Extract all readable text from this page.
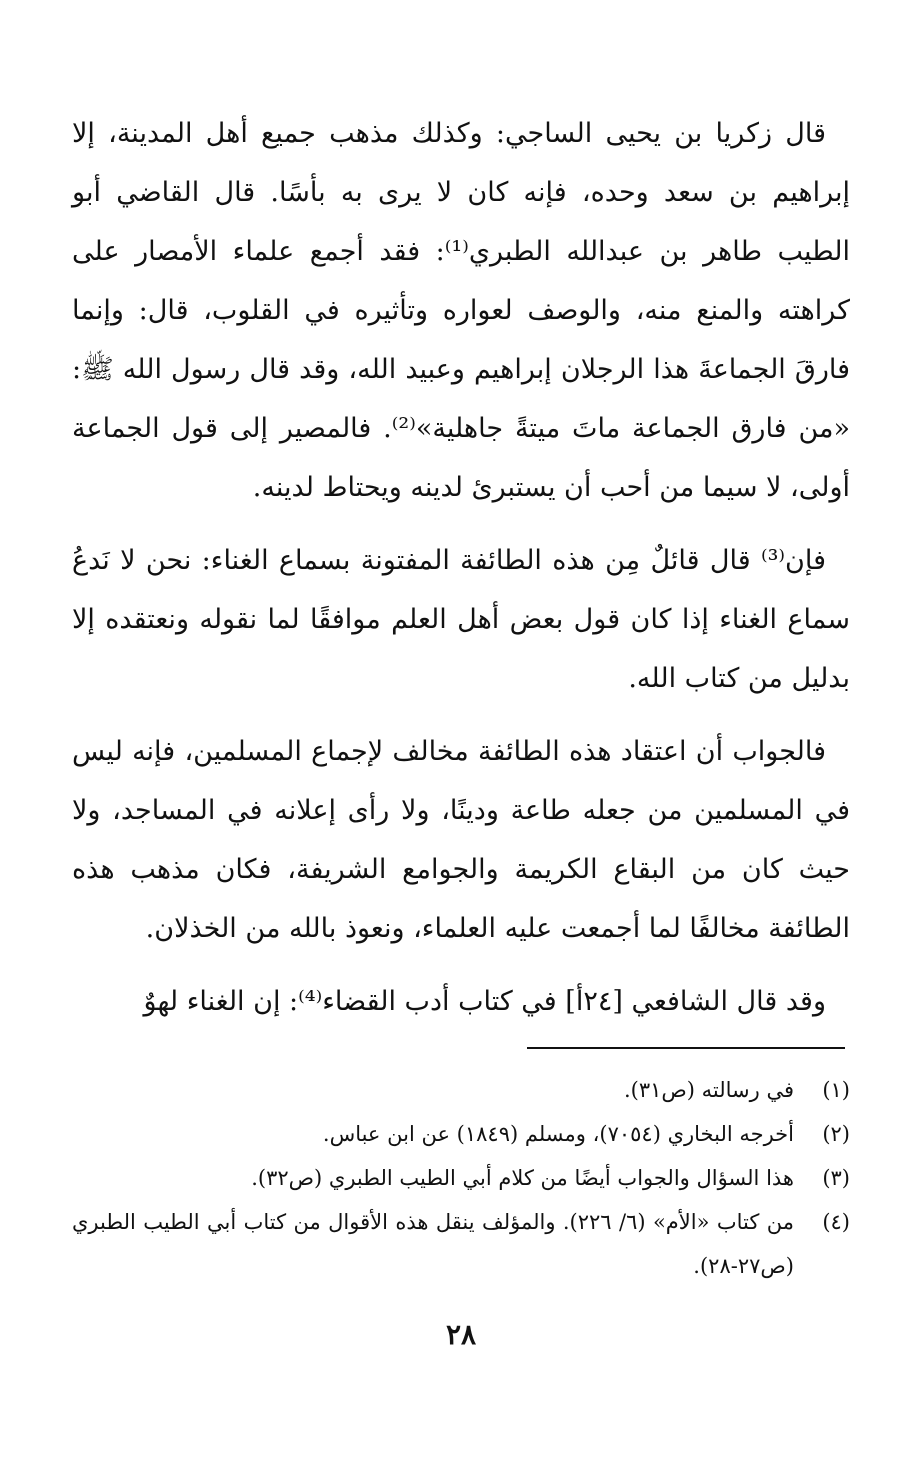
قال زكريا بن يحيى الساجي: وكذلك مذهب جميع أهل المدينة، إلا إبراهيم بن سعد وحده، فإنه كان لا يرى به بأسًا. قال القاضي أبو الطيب طاهر بن عبدالله الطبري⁽¹⁾: فقد أجمع علماء الأمصار على كراهته والمنع منه، والوصف لعواره وتأثيره في القلوب، قال: وإنما فارقَ الجماعةَ هذا الرجلان إبراهيم وعبيد الله، وقد قال رسول الله ﷺ: «من فارق الجماعة ماتَ ميتةً جاهلية»⁽²⁾. فالمصير إلى قول الجماعة أولى، لا سيما من أحب أن يستبرئ لدينه ويحتاط لدينه.

فإن⁽³⁾ قال قائلٌ مِن هذه الطائفة المفتونة بسماع الغناء: نحن لا نَدعُ سماع الغناء إذا كان قول بعض أهل العلم موافقًا لما نقوله ونعتقده إلا بدليل من كتاب الله.

فالجواب أن اعتقاد هذه الطائفة مخالف لإجماع المسلمين، فإنه ليس في المسلمين من جعله طاعة ودينًا، ولا رأى إعلانه في المساجد، ولا حيث كان من البقاع الكريمة والجوامع الشريفة، فكان مذهب هذه الطائفة مخالفًا لما أجمعت عليه العلماء، ونعوذ بالله من الخذلان.

وقد قال الشافعي [٢٤أ] في كتاب أدب القضاء⁽⁴⁾: إن الغناء لهوٌ

(١)
في رسالته (ص٣١).

(٢)
أخرجه البخاري (٧٠٥٤)، ومسلم (١٨٤٩) عن ابن عباس.

(٣)
هذا السؤال والجواب أيضًا من كلام أبي الطيب الطبري (ص٣٢).

(٤)
من كتاب «الأم» (٦/ ٢٢٦). والمؤلف ينقل هذه الأقوال من كتاب أبي الطيب الطبري (ص٢٧-٢٨).

٢٨
